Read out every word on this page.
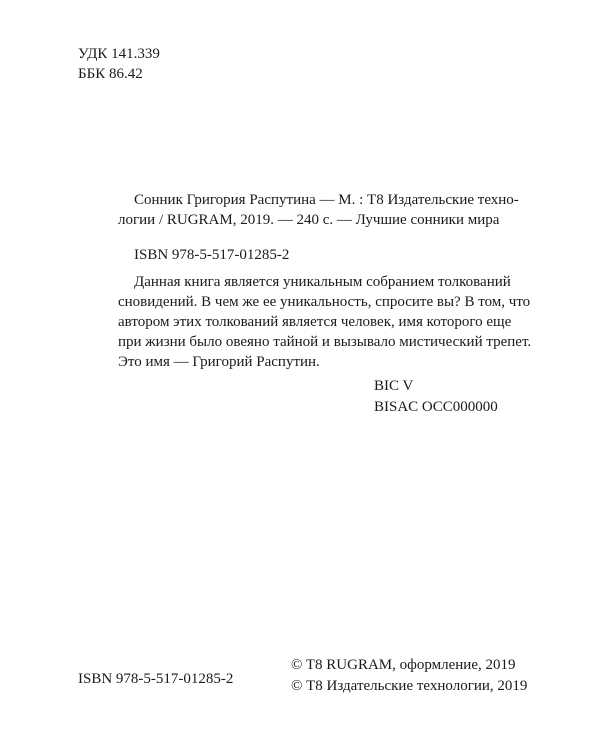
УДК 141.339
ББК 86.42
Сонник Григория Распутина — М. : Т8 Издательские техно-
логии / RUGRAM, 2019. — 240 с. — Лучшие сонники мира
ISBN 978-5-517-01285-2
Данная книга является уникальным собранием толкований
сновидений. В чем же ее уникальность, спросите вы? В том, что
автором этих толкований является человек, имя которого еще
при жизни было овеяно тайной и вызывало мистический трепет.
Это имя — Григорий Распутин.
BIC V
BISAC OCC000000
ISBN 978-5-517-01285-2
© T8 RUGRAM, оформление, 2019
© Т8 Издательские технологии, 2019
